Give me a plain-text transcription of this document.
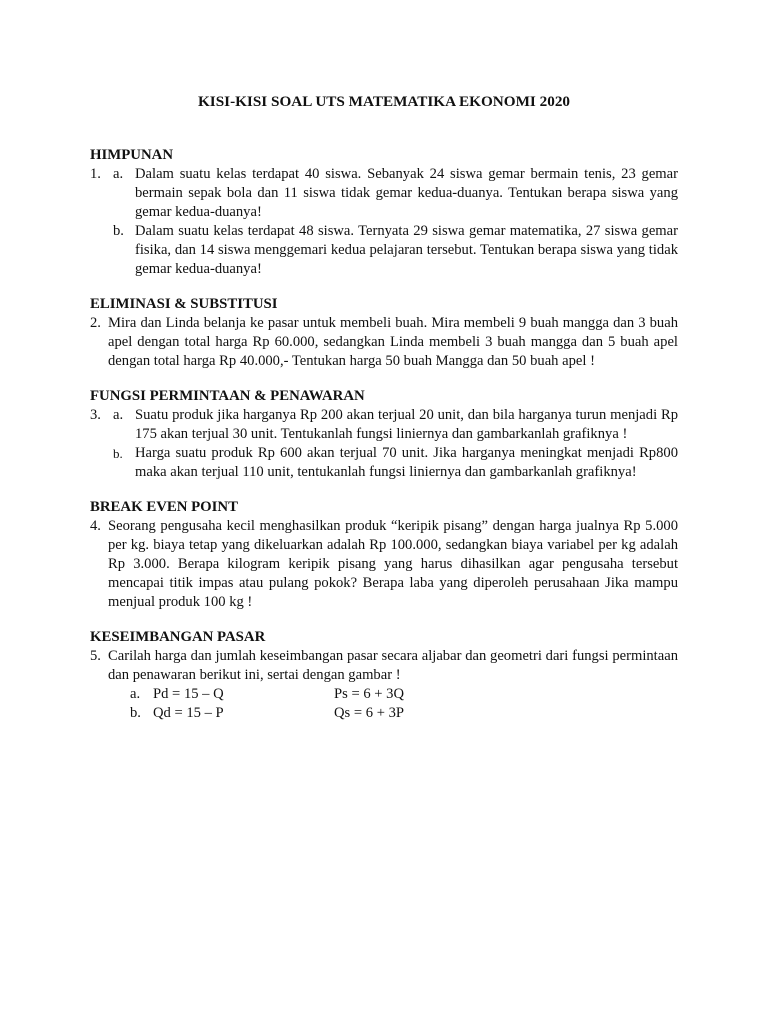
KISI-KISI SOAL UTS MATEMATIKA EKONOMI 2020
HIMPUNAN
1. a. Dalam suatu kelas terdapat 40 siswa. Sebanyak 24 siswa gemar bermain tenis, 23 gemar bermain sepak bola dan 11 siswa tidak gemar kedua-duanya. Tentukan berapa siswa yang gemar kedua-duanya!
b. Dalam suatu kelas terdapat 48 siswa. Ternyata 29 siswa gemar matematika, 27 siswa gemar fisika, dan 14 siswa menggemari kedua pelajaran tersebut. Tentukan berapa siswa yang tidak gemar kedua-duanya!
ELIMINASI & SUBSTITUSI
2. Mira dan Linda belanja ke pasar untuk membeli buah. Mira membeli 9 buah mangga dan 3 buah apel dengan total harga Rp 60.000, sedangkan Linda membeli 3 buah mangga dan 5 buah apel dengan total harga Rp 40.000,- Tentukan harga 50 buah Mangga dan 50 buah apel !
FUNGSI PERMINTAAN & PENAWARAN
3. a. Suatu produk jika harganya Rp 200 akan terjual 20 unit, dan bila harganya turun menjadi Rp 175 akan terjual 30 unit. Tentukanlah fungsi liniernya dan gambarkanlah grafiknya !
b. Harga suatu produk Rp 600 akan terjual 70 unit. Jika harganya meningkat menjadi Rp800 maka akan terjual 110 unit, tentukanlah fungsi liniernya dan gambarkanlah grafiknya!
BREAK EVEN POINT
4. Seorang pengusaha kecil menghasilkan produk “keripik pisang” dengan harga jualnya Rp 5.000 per kg. biaya tetap yang dikeluarkan adalah Rp 100.000, sedangkan biaya variabel per kg adalah Rp 3.000. Berapa kilogram keripik pisang yang harus dihasilkan agar pengusaha tersebut mencapai titik impas atau pulang pokok? Berapa laba yang diperoleh perusahaan Jika mampu menjual produk 100 kg !
KESEIMBANGAN PASAR
5. Carilah harga dan jumlah keseimbangan pasar secara aljabar dan geometri dari fungsi permintaan dan penawaran berikut ini, sertai dengan gambar !
a. Pd = 15 – Q	Ps = 6 + 3Q
b. Qd = 15 – P	Qs = 6 + 3P
